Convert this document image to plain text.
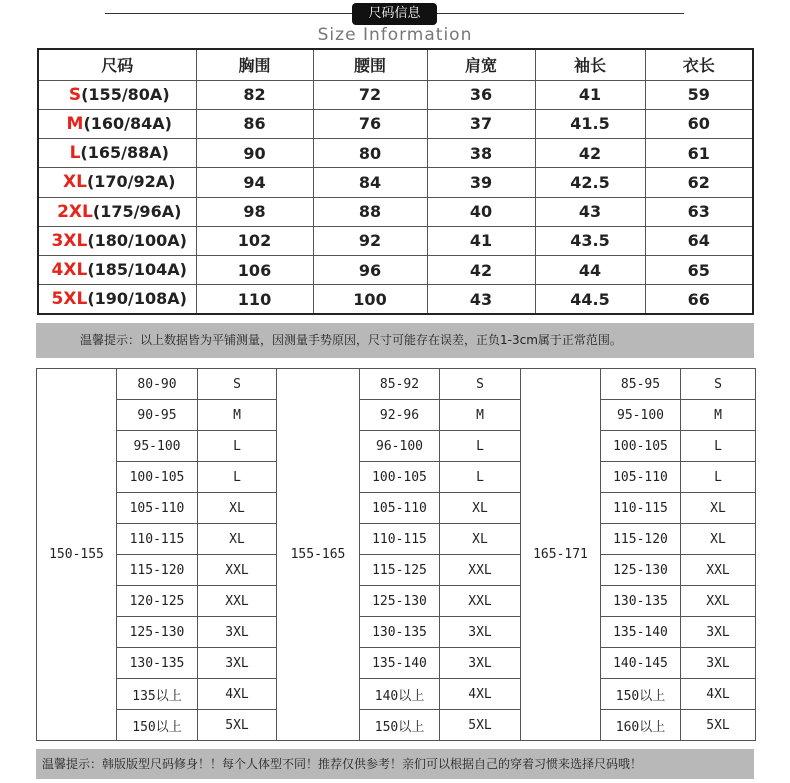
尺码信息
Size Information
尺码	胸围	腰围	肩宽	袖长	衣长
S(155/80A)	82	72	36	41	59
M(160/84A)	86	76	37	41.5	60
L(165/88A)	90	80	38	42	61
XL(170/92A)	94	84	39	42.5	62
2XL(175/96A)	98	88	40	43	63
3XL(180/100A)	102	92	41	43.5	64
4XL(185/104A)	106	96	42	44	65
5XL(190/108A)	110	100	43	44.5	66
温馨提示：以上数据皆为平铺测量，因测量手势原因，尺寸可能存在误差，正负1-3cm属于正常范围。
150-155	80-90	S	155-165	85-92	S	165-171	85-95	S
	90-95	M		92-96	M		95-100	M
	95-100	L		96-100	L		100-105	L
	100-105	L		100-105	L		105-110	L
	105-110	XL		105-110	XL		110-115	XL
	110-115	XL		110-115	XL		115-120	XL
	115-120	XXL		115-125	XXL		125-130	XXL
	120-125	XXL		125-130	XXL		130-135	XXL
	125-130	3XL		130-135	3XL		135-140	3XL
	130-135	3XL		135-140	3XL		140-145	3XL
	135以上	4XL		140以上	4XL		150以上	4XL
	150以上	5XL		150以上	5XL		160以上	5XL
温馨提示：韩版版型尺码修身！！每个人体型不同！推荐仅供参考！亲们可以根据自己的穿着习惯来选择尺码哦！
